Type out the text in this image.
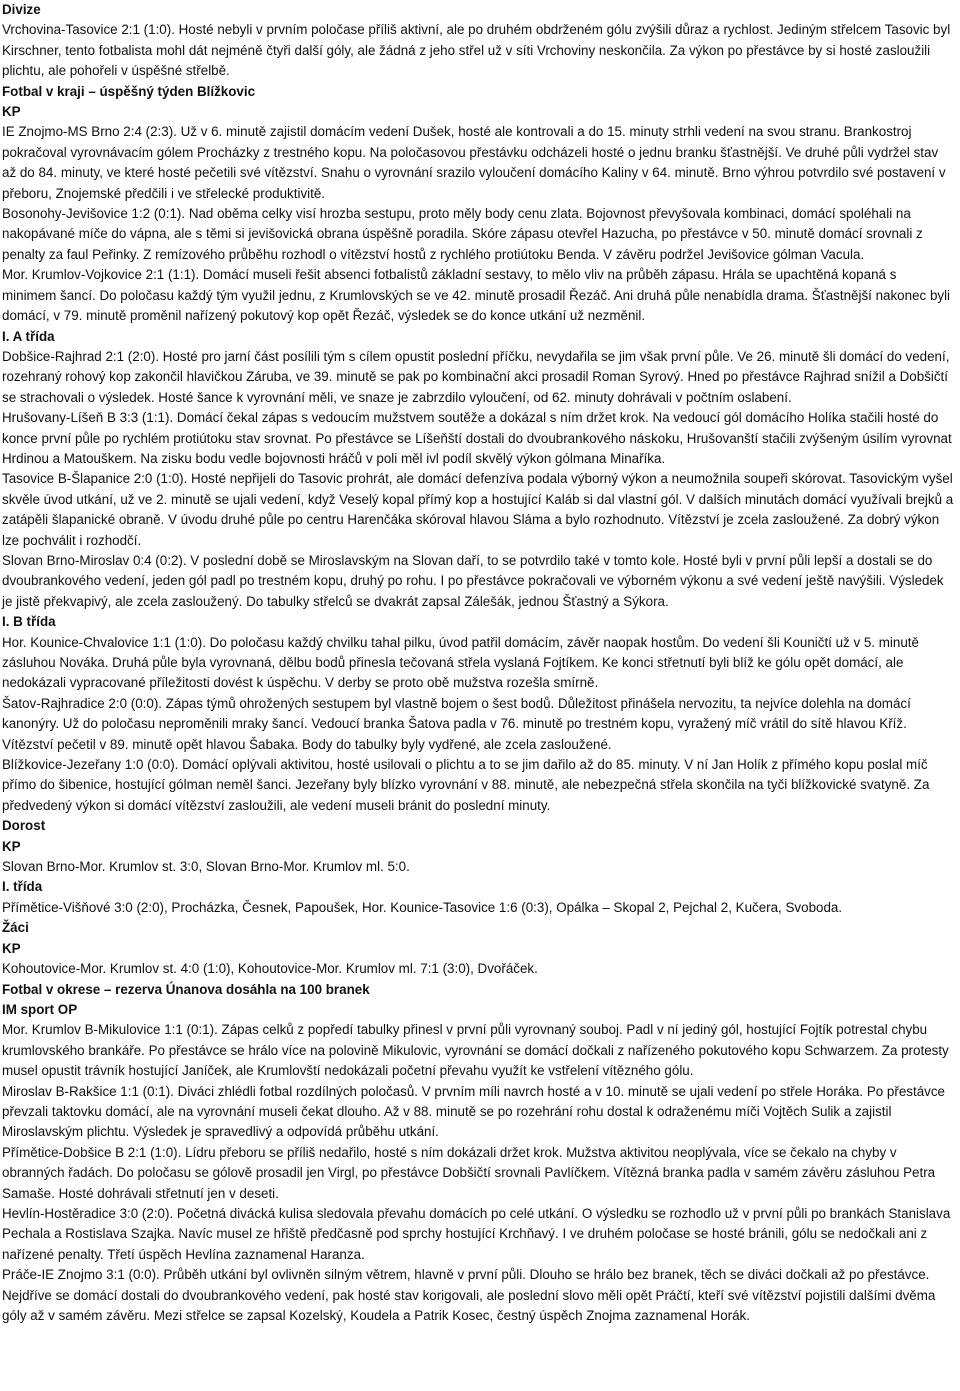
Divize

Vrchovina-Tasovice 2:1 (1:0). Hosté nebyli v prvním poločase příliš aktivní, ale po druhém obdrženém gólu zvýšili důraz a rychlost. Jediným střelcem Tasovic byl Kirschner, tento fotbalista mohl dát nejméně čtyři další góly, ale žádná z jeho střel už v síti Vrchoviny neskončila. Za výkon po přestávce by si hosté zasloužili plichtu, ale pohořeli v úspěšné střelbě.

Fotbal v kraji – úspěšný týden Blížkovic

KP

IE Znojmo-MS Brno 2:4 (2:3). Už v 6. minutě zajistil domácím vedení Dušek, hosté ale kontrovali a do 15. minuty strhli vedení na svou stranu. Brankostroj pokračoval vyrovnávacím gólem Procházky z trestného kopu. Na poločasovou přestávku odcházeli hosté o jednu branku šťastnější. Ve druhé půli vydržel stav až do 84. minuty, ve které hosté pečetili své vítězství. Snahu o vyrovnání srazilo vyloučení domácího Kaliny v 64. minutě. Brno výhrou potvrdilo své postavení v přeboru, Znojemské předčili i ve střelecké produktivitě.

Bosonohy-Jevišovice 1:2 (0:1). Nad oběma celky visí hrozba sestupu, proto měly body cenu zlata. Bojovnost převyšovala kombinaci, domácí spoléhali na nakopávané míče do vápna, ale s těmi si jevišovická obrana úspěšně poradila. Skóre zápasu otevřel Hazucha, po přestávce v 50. minutě domácí srovnali z penalty za faul Peřinky. Z remízového průběhu rozhodl o vítězství hostů z rychlého protiútoku Benda. V závěru podržel Jevišovice gólman Vacula.

Mor. Krumlov-Vojkovice 2:1 (1:1). Domácí museli řešit absenci fotbalistů základní sestavy, to mělo vliv na průběh zápasu. Hrála se upachtěná kopaná s minimem šancí. Do poločasu každý tým využil jednu, z Krumlovských se ve 42. minutě prosadil Řezáč. Ani druhá půle nenabídla drama. Šťastnější nakonec byli domácí, v 79. minutě proměnil nařízený pokutový kop opět Řezáč, výsledek se do konce utkání už nezměnil.

I. A třída

Dobšice-Rajhrad 2:1 (2:0). Hosté pro jarní část posílili tým s cílem opustit poslední příčku, nevydařila se jim však první půle. Ve 26. minutě šli domácí do vedení, rozehraný rohový kop zakončil hlavičkou Záruba, ve 39. minutě se pak po kombinační akci prosadil Roman Syrový. Hned po přestávce Rajhrad snížil a Dobšičtí se strachovali o výsledek. Hosté šance k vyrovnání měli, ve snaze je zabrzdilo vyloučení, od 62. minuty dohrávali v počtním oslabení.

Hrušovany-Líšeň B 3:3 (1:1). Domácí čekal zápas s vedoucím mužstvem soutěže a dokázal s ním držet krok. Na vedoucí gól domácího Holíka stačili hosté do konce první půle po rychlém protiútoku stav srovnat. Po přestávce se Líšeňští dostali do dvoubrankového náskoku, Hrušovanští stačili zvýšeným úsilím vyrovnat Hrdinou a Matouškem. Na zisku bodu vedle bojovnosti hráčů v poli měl ivl podíl skvělý výkon gólmana Minaříka.

Tasovice B-Šlapanice 2:0 (1:0). Hosté nepřijeli do Tasovic prohrát, ale domácí defenzíva podala výborný výkon a neumožnila soupeři skórovat. Tasovickým vyšel skvěle úvod utkání, už ve 2. minutě se ujali vedení, když Veselý kopal přímý kop a hostující Kaláb si dal vlastní gól. V dalších minutách domácí využívali brejků a zatápěli šlapanické obraně. V úvodu druhé půle po centru Harenčáka skóroval hlavou Sláma a bylo rozhodnuto. Vítězství je zcela zasloužené. Za dobrý výkon lze pochválit i rozhodčí.

Slovan Brno-Miroslav 0:4 (0:2). V poslední době se Miroslavským na Slovan daří, to se potvrdilo také v tomto kole. Hosté byli v první půli lepší a dostali se do dvoubrankového vedení, jeden gól padl po trestném kopu, druhý po rohu. I po přestávce pokračovali ve výborném výkonu a své vedení ještě navýšili. Výsledek je jistě překvapivý, ale zcela zasloužený. Do tabulky střelců se dvakrát zapsal Zálešák, jednou Šťastný a Sýkora.

I. B třída

Hor. Kounice-Chvalovice 1:1 (1:0). Do poločasu každý chvilku tahal pilku, úvod patřil domácím, závěr naopak hostům. Do vedení šli Kouničtí už v 5. minutě zásluhou Nováka. Druhá půle byla vyrovnaná, dělbu bodů přinesla tečovaná střela vyslaná Fojtíkem. Ke konci střetnutí byli blíž ke gólu opět domácí, ale nedokázali vypracované příležitosti dovést k úspěchu. V derby se proto obě mužstva rozešla smírně.

Šatov-Rajhradice 2:0 (0:0). Zápas týmů ohrožených sestupem byl vlastně bojem o šest bodů. Důležitost přinášela nervozitu, ta nejvíce dolehla na domácí kanonýry. Už do poločasu neproměnili mraky šancí. Vedoucí branka Šatova padla v 76. minutě po trestném kopu, vyražený míč vrátil do sítě hlavou Kříž. Vítězství pečetil v 89. minutě opět hlavou Šabaka. Body do tabulky byly vydřené, ale zcela zasloužené.

Blížkovice-Jezeřany 1:0 (0:0). Domácí oplývali aktivitou, hosté usilovali o plichtu a to se jim dařilo až do 85. minuty. V ní Jan Holík z přímého kopu poslal míč přímo do šibenice, hostující gólman neměl šanci. Jezeřany byly blízko vyrovnání v 88. minutě, ale nebezpečná střela skončila na tyči blížkovické svatyně. Za předvedený výkon si domácí vítězství zasloužili, ale vedení museli bránit do poslední minuty.

Dorost

KP

Slovan Brno-Mor. Krumlov st. 3:0, Slovan Brno-Mor. Krumlov ml. 5:0.

I. třída

Přímětice-Višňové 3:0 (2:0), Procházka, Česnek, Papoušek, Hor. Kounice-Tasovice 1:6 (0:3), Opálka – Skopal 2, Pejchal 2, Kučera, Svoboda.

Žáci

KP

Kohoutovice-Mor. Krumlov st. 4:0 (1:0), Kohoutovice-Mor. Krumlov ml. 7:1 (3:0), Dvořáček.

Fotbal v okrese – rezerva Únanova dosáhla na 100 branek

IM sport OP

Mor. Krumlov B-Mikulovice 1:1 (0:1). Zápas celků z popředí tabulky přinesl v první půli vyrovnaný souboj. Padl v ní jediný gól, hostující Fojtík potrestal chybu krumlovského brankáře. Po přestávce se hrálo více na polovině Mikulovic, vyrovnání se domácí dočkali z nařízeného pokutového kopu Schwarzem. Za protesty musel opustit trávník hostující Janíček, ale Krumlovští nedokázali početní převahu využít ke vstřelení vítězného gólu.

Miroslav B-Rakšice 1:1 (0:1). Diváci zhlédli fotbal rozdílných poločasů. V prvním míli navrch hosté a v 10. minutě se ujali vedení po střele Horáka. Po přestávce převzali taktovku domácí, ale na vyrovnání museli čekat dlouho. Až v 88. minutě se po rozehrání rohu dostal k odraženému míči Vojtěch Sulik a zajistil Miroslavským plichtu. Výsledek je spravedlivý a odpovídá průběhu utkání.

Přímětice-Dobšice B 2:1 (1:0). Lídru přeboru se příliš nedařilo, hosté s ním dokázali držet krok. Mužstva aktivitou neoplývala, více se čekalo na chyby v obranných řadách. Do poločasu se gólově prosadil jen Virgl, po přestávce Dobšičtí srovnali Pavlíčkem. Vítězná branka padla v samém závěru zásluhou Petra Samaše. Hosté dohrávali střetnutí jen v deseti.

Hevlín-Hostěradice 3:0 (2:0). Početná divácká kulisa sledovala převahu domácích po celé utkání. O výsledku se rozhodlo už v první půli po brankách Stanislava Pechala a Rostislava Szajka. Navíc musel ze hřiště předčasně pod sprchy hostující Krchňavý. I ve druhém poločase se hosté bránili, gólu se nedočkali ani z nařízené penalty. Třetí úspěch Hevlína zaznamenal Haranza.

Práče-IE Znojmo 3:1 (0:0). Průběh utkání byl ovlivněn silným větrem, hlavně v první půli. Dlouho se hrálo bez branek, těch se diváci dočkali až po přestávce. Nejdříve se domácí dostali do dvoubrankového vedení, pak hosté stav korigovali, ale poslední slovo měli opět Práčtí, kteří své vítězství pojistili dalšími dvěma góly až v samém závěru. Mezi střelce se zapsal Kozelský, Koudela a Patrik Kosec, čestný úspěch Znojma zaznamenal Horák.
